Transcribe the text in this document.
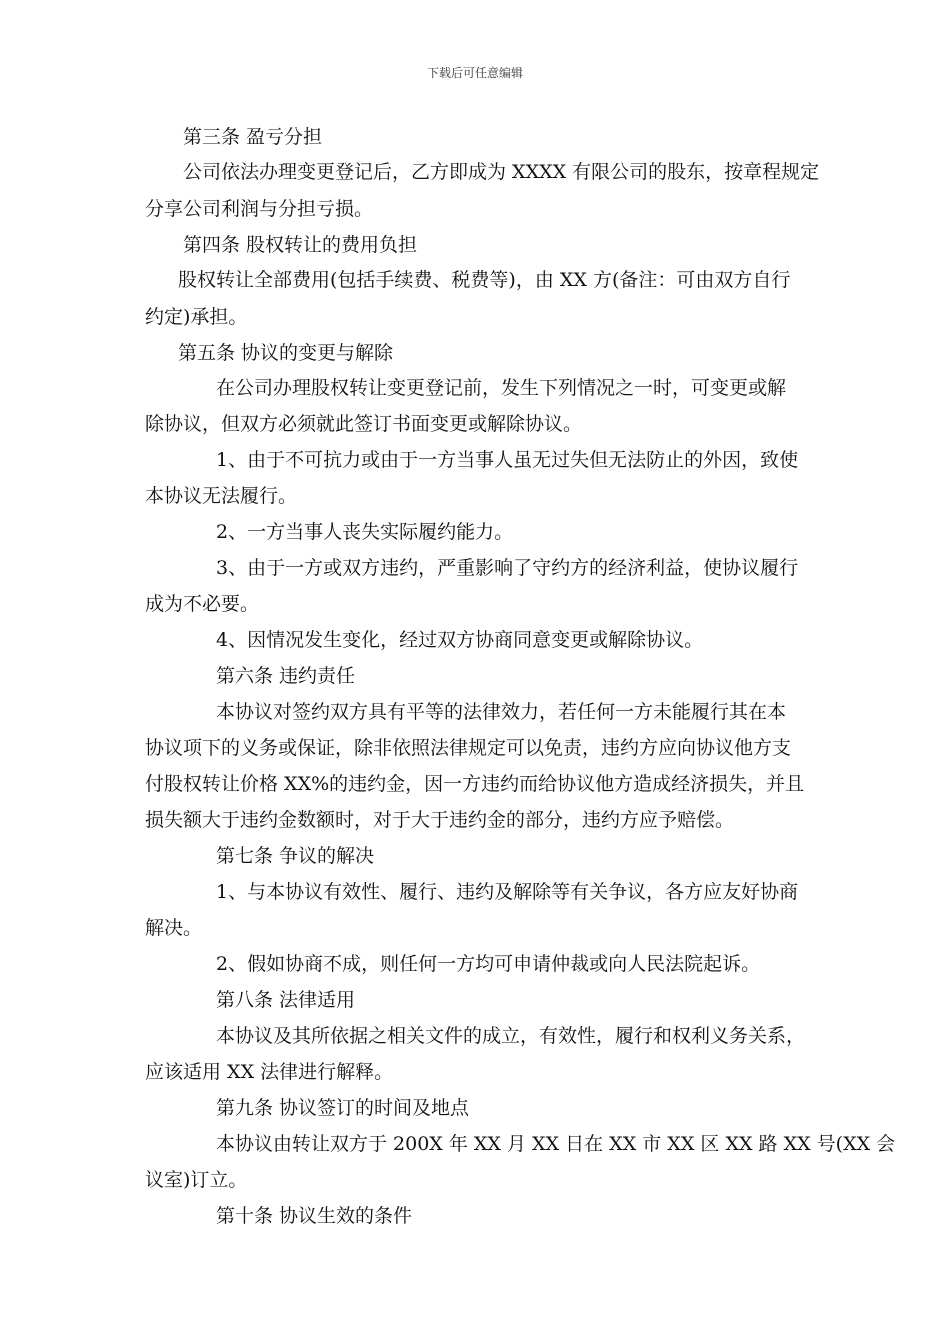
下载后可任意编辑
第三条 盈亏分担
公司依法办理变更登记后，乙方即成为 XXXX 有限公司的股东，按章程规定
分享公司利润与分担亏损。
第四条 股权转让的费用负担
股权转让全部费用(包括手续费、税费等)，由 XX 方(备注：可由双方自行
约定)承担。
第五条 协议的变更与解除
在公司办理股权转让变更登记前，发生下列情况之一时，可变更或解
除协议，但双方必须就此签订书面变更或解除协议。
1、由于不可抗力或由于一方当事人虽无过失但无法防止的外因，致使
本协议无法履行。
2、一方当事人丧失实际履约能力。
3、由于一方或双方违约，严重影响了守约方的经济利益，使协议履行
成为不必要。
4、因情况发生变化，经过双方协商同意变更或解除协议。
第六条 违约责任
本协议对签约双方具有平等的法律效力，若任何一方未能履行其在本
协议项下的义务或保证，除非依照法律规定可以免责，违约方应向协议他方支
付股权转让价格 XX%的违约金，因一方违约而给协议他方造成经济损失，并且
损失额大于违约金数额时，对于大于违约金的部分，违约方应予赔偿。
第七条 争议的解决
1、与本协议有效性、履行、违约及解除等有关争议，各方应友好协商
解决。
2、假如协商不成，则任何一方均可申请仲裁或向人民法院起诉。
第八条 法律适用
本协议及其所依据之相关文件的成立，有效性，履行和权利义务关系，
应该适用 XX 法律进行解释。
第九条 协议签订的时间及地点
本协议由转让双方于 200X 年 XX 月 XX 日在 XX 市 XX 区 XX 路 XX 号(XX 会
议室)订立。
第十条 协议生效的条件
